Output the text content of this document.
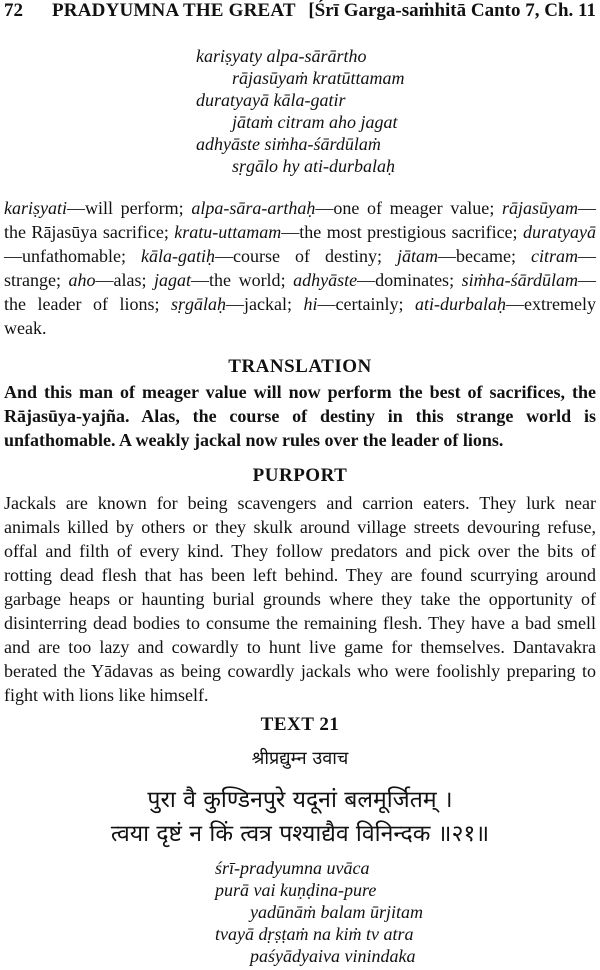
72 PRADYUMNA THE GREAT [Śrī Garga-saṁhitā Canto 7, Ch. 11
kariṣyaty alpa-sārārtho
rājasūyaṁ kratūttamam
duratyayā kāla-gatir
jātaṁ citram aho jagat
adhyāste siṁha-śārdūlaṁ
sṛgālo hy ati-durbalaḥ

kariṣyati—will perform; alpa-sāra-arthaḥ—one of meager value; rājasūyam—the Rājasūya sacrifice; kratu-uttamam—the most prestigious sacrifice; duratyayā—unfathomable; kāla-gatiḥ—course of destiny; jātam—became; citram—strange; aho—alas; jagat—the world; adhyāste—dominates; siṁha-śārdūlam—the leader of lions; sṛgālaḥ—jackal; hi—certainly; ati-durbalaḥ—extremely weak.

TRANSLATION

And this man of meager value will now perform the best of sacrifices, the Rājasūya-yajña. Alas, the course of destiny in this strange world is unfathomable. A weakly jackal now rules over the leader of lions.

PURPORT

Jackals are known for being scavengers and carrion eaters. They lurk near animals killed by others or they skulk around village streets devouring refuse, offal and filth of every kind. They follow predators and pick over the bits of rotting dead flesh that has been left behind. They are found scurrying around garbage heaps or haunting burial grounds where they take the opportunity of disinterring dead bodies to consume the remaining flesh. They have a bad smell and are too lazy and cowardly to hunt live game for themselves. Dantavakra berated the Yādavas as being cowardly jackals who were foolishly preparing to fight with lions like himself.

TEXT 21
श्रीप्रद्युम्न उवाच
पुरा वै कुण्डिनपुरे यदूनां बलमूर्जितम् ।
त्वया दृष्टं न किं त्वत्र पश्याद्यैव विनिन्दक ॥२१॥
śrī-pradyumna uvāca
purā vai kuṇḍina-pure
yadūnāṁ balam ūrjitam
tvayā dṛṣṭaṁ na kiṁ tv atra
paśyādyaiva vinindaka
